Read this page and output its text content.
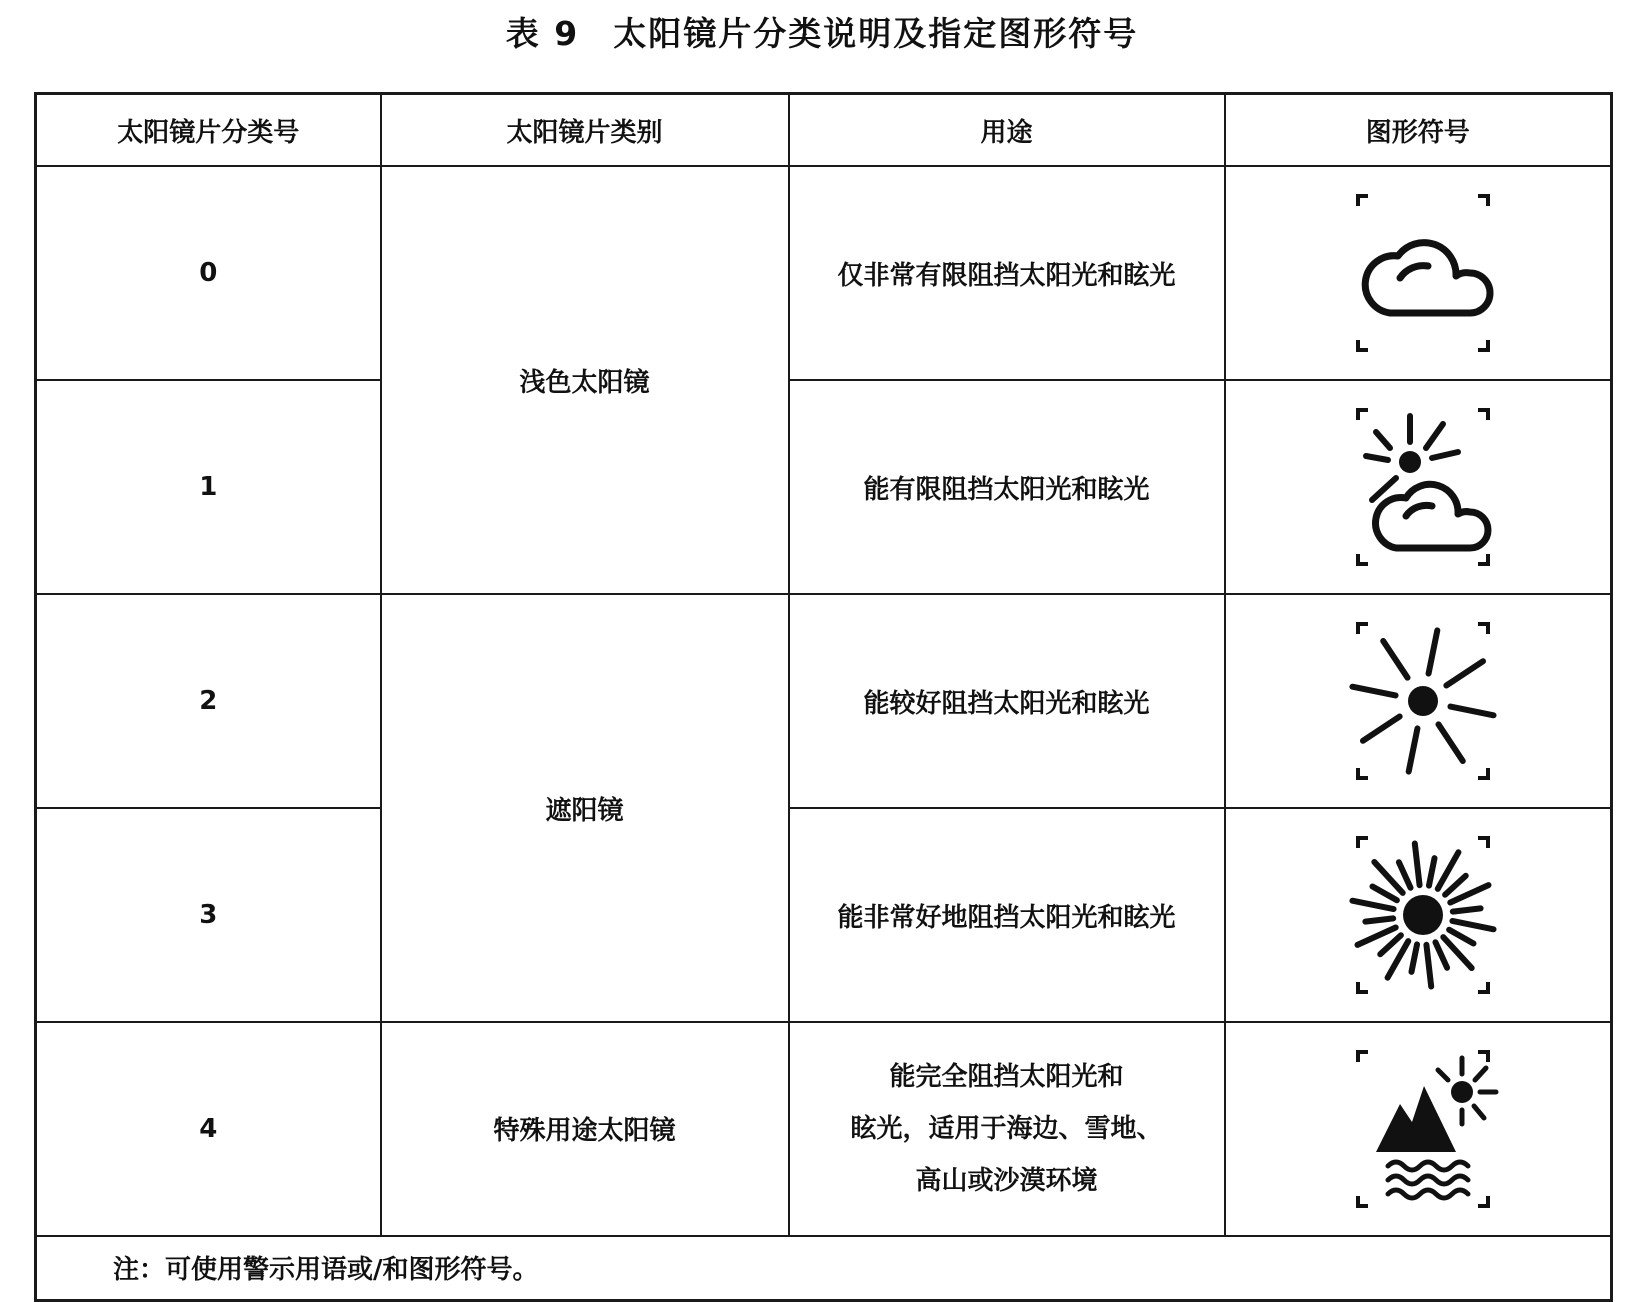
表 9 太阳镜片分类说明及指定图形符号
太阳镜片分类号	太阳镜片类别	用途	图形符号
0	浅色太阳镜	仅非常有限阻挡太阳光和眩光	

1		能有限阻挡太阳光和眩光	

2	遮阳镜	能较好阻挡太阳光和眩光	

3		能非常好地阻挡太阳光和眩光	

4	特殊用途太阳镜	能完全阻挡太阳光和
眩光，适用于海边、雪地、
高山或沙漠环境

注：可使用警示用语或/和图形符号。			
